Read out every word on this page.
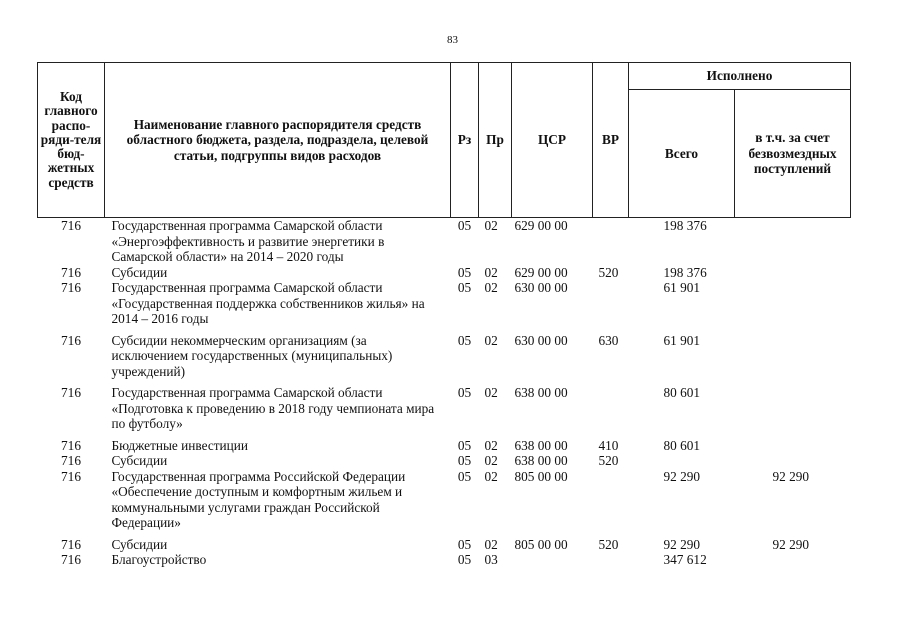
83
Код главного распо-ряди-теля бюд-жетных средств	Наименование главного распорядителя средств областного бюджета, раздела, подраздела, целевой статьи, подгруппы видов расходов	Рз	Пр	ЦСР	ВР	Исполнено	
						Всего	в т.ч. за счет безвозмездных поступлений
716	Государственная программа Самарской области «Энергоэффективность и развитие энергетики в Самарской области» на 2014 – 2020 годы	05	02	629 00 00		198 376	
716	Субсидии	05	02	629 00 00	520	198 376	
716	Государственная программа Самарской области «Государственная поддержка собственников жилья» на 2014 – 2016 годы	05	02	630 00 00		61 901	
716	Субсидии некоммерческим организациям (за исключением государственных (муниципальных) учреждений)	05	02	630 00 00	630	61 901	
716	Государственная программа Самарской области «Подготовка к проведению в 2018 году чемпионата мира по футболу»	05	02	638 00 00		80 601	
716	Бюджетные инвестиции	05	02	638 00 00	410	80 601	
716	Субсидии	05	02	638 00 00	520		
716	Государственная программа Российской Федерации «Обеспечение доступным и комфортным жильем и коммунальными услугами граждан Российской Федерации»	05	02	805 00 00		92 290	92 290
716	Субсидии	05	02	805 00 00	520	92 290	92 290
716	Благоустройство	05	03			347 612	
